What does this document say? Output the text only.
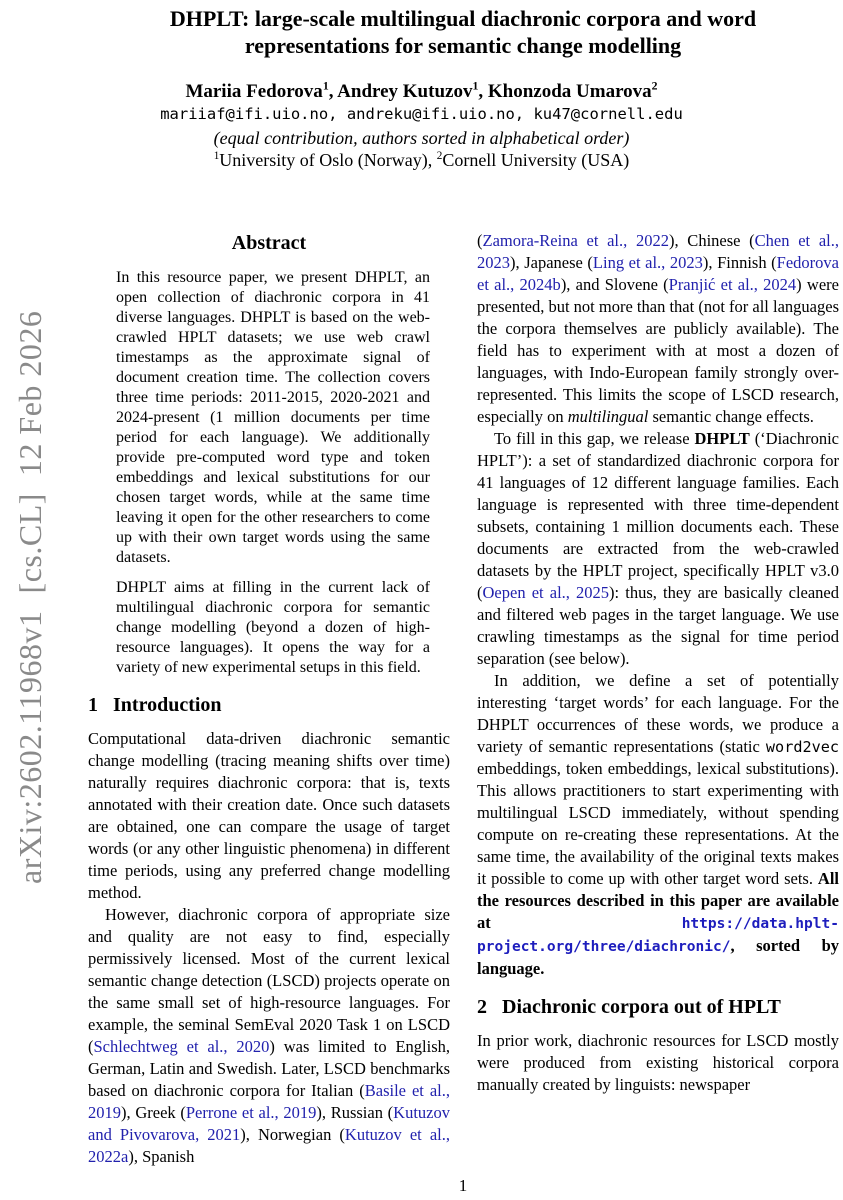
arXiv:2602.11968v1  [cs.CL]  12 Feb 2026
DHPLT: large-scale multilingual diachronic corpora and word representations for semantic change modelling
Mariia Fedorova$^1$, Andrey Kutuzov$^1$, Khonzoda Umarova$^2$
mariiaf@ifi.uio.no, andreku@ifi.uio.no, ku47@cornell.edu
(equal contribution, authors sorted in alphabetical order)
$^1$University of Oslo (Norway), $^2$Cornell University (USA)
Abstract

In this resource paper, we present DHPLT, an open collection of diachronic corpora in 41 diverse languages. DHPLT is based on the web-crawled HPLT datasets; we use web crawl timestamps as the approximate signal of document creation time. The collection covers three time periods: 2011-2015, 2020-2021 and 2024-present (1 million documents per time period for each language). We additionally provide pre-computed word type and token embeddings and lexical substitutions for our chosen target words, while at the same time leaving it open for the other researchers to come up with their own target words using the same datasets.

DHPLT aims at filling in the current lack of multilingual diachronic corpora for semantic change modelling (beyond a dozen of high-resource languages). It opens the way for a variety of new experimental setups in this field.

1 Introduction

Computational data-driven diachronic semantic change modelling (tracing meaning shifts over time) naturally requires diachronic corpora: that is, texts annotated with their creation date. Once such datasets are obtained, one can compare the usage of target words (or any other linguistic phenomena) in different time periods, using any preferred change modelling method.

However, diachronic corpora of appropriate size and quality are not easy to find, especially permissively licensed. Most of the current lexical semantic change detection (LSCD) projects operate on the same small set of high-resource languages. For example, the seminal SemEval 2020 Task 1 on LSCD (Schlechtweg et al., 2020) was limited to English, German, Latin and Swedish. Later, LSCD benchmarks based on diachronic corpora for Italian (Basile et al., 2019), Greek (Perrone et al., 2019), Russian (Kutuzov and Pivovarova, 2021), Norwegian (Kutuzov et al., 2022a), Spanish

(Zamora-Reina et al., 2022), Chinese (Chen et al., 2023), Japanese (Ling et al., 2023), Finnish (Fedorova et al., 2024b), and Slovene (Pranjić et al., 2024) were presented, but not more than that (not for all languages the corpora themselves are publicly available). The field has to experiment with at most a dozen of languages, with Indo-European family strongly over-represented. This limits the scope of LSCD research, especially on multilingual semantic change effects.

To fill in this gap, we release DHPLT (‘Diachronic HPLT’): a set of standardized diachronic corpora for 41 languages of 12 different language families. Each language is represented with three time-dependent subsets, containing 1 million documents each. These documents are extracted from the web-crawled datasets by the HPLT project, specifically HPLT v3.0 (Oepen et al., 2025): thus, they are basically cleaned and filtered web pages in the target language. We use crawling timestamps as the signal for time period separation (see below).

In addition, we define a set of potentially interesting ‘target words’ for each language. For the DHPLT occurrences of these words, we produce a variety of semantic representations (static word2vec embeddings, token embeddings, lexical substitutions). This allows practitioners to start experimenting with multilingual LSCD immediately, without spending compute on re-creating these representations. At the same time, the availability of the original texts makes it possible to come up with other target word sets. All the resources described in this paper are available at https://data.hplt-project.org/three/diachronic/, sorted by language.

2 Diachronic corpora out of HPLT

In prior work, diachronic resources for LSCD mostly were produced from existing historical corpora manually created by linguists: newspaper

1
